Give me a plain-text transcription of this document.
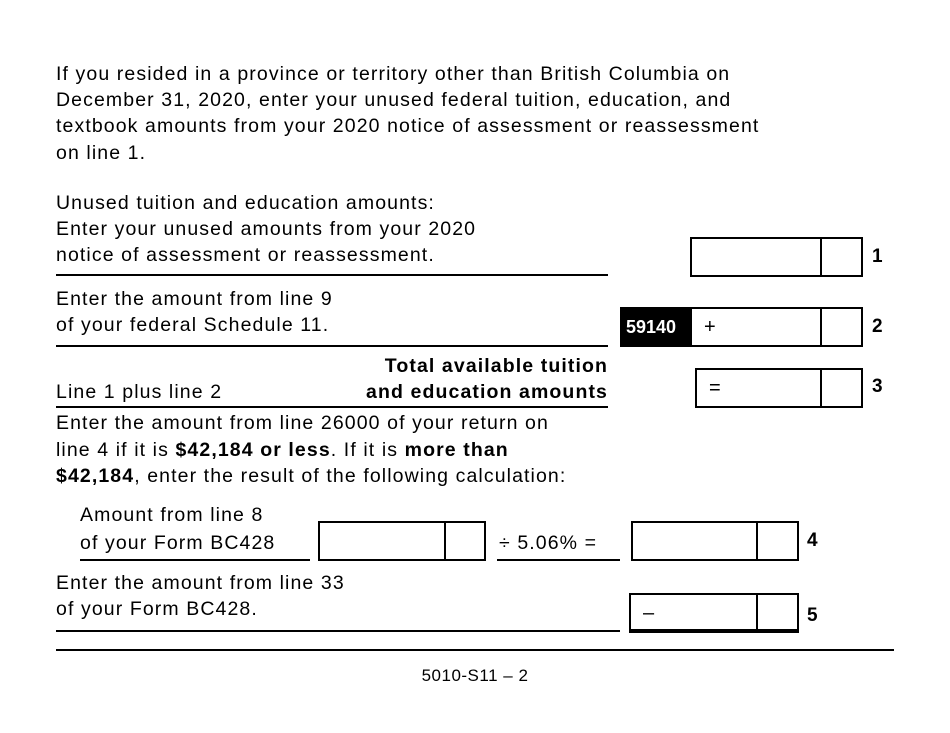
If you resided in a province or territory other than British Columbia on
December 31, 2020, enter your unused federal tuition, education, and
textbook amounts from your 2020 notice of assessment or reassessment
on line 1.
Unused tuition and education amounts:
Enter your unused amounts from your 2020
notice of assessment or reassessment.	1
Enter the amount from line 9
of your federal Schedule 11.	59140	+	2
Total available tuition
and education amounts
Line 1 plus line 2	=	3
Enter the amount from line 26000 of your return on
line 4 if it is $42,184 or less. If it is more than
$42,184, enter the result of the following calculation:
Amount from line 8
of your Form BC428	÷ 5.06% =	4
Enter the amount from line 33
of your Form BC428.	–	5
5010-S11 – 2
